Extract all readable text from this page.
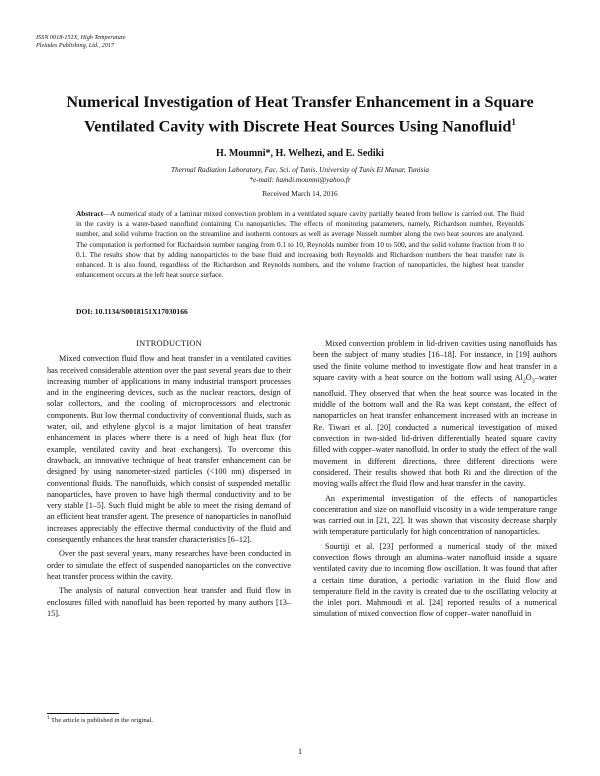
ISSN 0018-151X, High Temperature
Pleiades Publishing, Ltd., 2017
Numerical Investigation of Heat Transfer Enhancement in a Square
Ventilated Cavity with Discrete Heat Sources Using Nanofluid$^1$
H. Moumni*, H. Welhezi, and E. Sediki
Thermal Radiation Laboratory, Fac. Sci. of Tunis, University of Tunis El Manar, Tunisia
*e-mail: hamdi.moumni@yahoo.fr
Received March 14, 2016
Abstract—A numerical study of a laminar mixed convection problem in a ventilated square cavity partially heated from bellow is carried out. The fluid in the cavity is a water-based nanofluid containing Cu nanoparticles. The effects of monitoring parameters, namely, Richardson number, Reynolds number, and solid volume fraction on the streamline and isotherm contours as well as average Nusselt number along the two heat sources are analyzed. The computation is performed for Richardson number ranging from 0.1 to 10, Reynolds number from 10 to 500, and the solid volume fraction from 0 to 0.1. The results show that by adding nanoparticles to the base fluid and increasing both Reynolds and Richardson numbers the heat transfer rate is enhanced. It is also found, regardless of the Richardson and Reynolds numbers, and the volume fraction of nanoparticles, the highest heat transfer enhancement occurs at the left heat source surface.
DOI: 10.1134/S0018151X17030166
INTRODUCTION

Mixed convection fluid flow and heat transfer in a ventilated cavities has received considerable attention over the past several years due to their increasing number of applications in many industrial transport processes and in the engineering devices, such as the nuclear reactors, design of solar collectors, and the cooling of microprocessors and electronic components. But low thermal conductivity of conventional fluids, such as water, oil, and ethylene glycol is a major limitation of heat transfer enhancement in places where there is a need of high heat flux (for example, ventilated cavity and heat exchangers). To overcome this drawback, an innovative technique of heat transfer enhancement can be designed by using nanometer-sized particles (<100 nm) dispersed in conventional fluids. The nanofluids, which consist of suspended metallic nanoparticles, have proven to have high thermal conductivity and to be very stable [1–5]. Such fluid might be able to meet the rising demand of an efficient heat transfer agent. The presence of nanoparticles in nanofluid increases appreciably the effective thermal conductivity of the fluid and consequently enhances the heat transfer characteristics [6–12].

Over the past several years, many researches have been conducted in order to simulate the effect of suspended nanoparticles on the convective heat transfer process within the cavity.

The analysis of natural convection heat transfer and fluid flow in enclosures filled with nanofluid has been reported by many authors [13–15].

Mixed convection problem in lid-driven cavities using nanofluids has been the subject of many studies [16–18]. For instance, in [19] authors used the finite volume method to investigate flow and heat transfer in a square cavity with a heat source on the bottom wall using $Al_2O_3$–water nanofluid. They observed that when the heat source was located in the middle of the bottom wall and the Ra was kept constant, the effect of nanoparticles on heat transfer enhancement increased with an increase in Re. Tiwari et al. [20] conducted a numerical investigation of mixed convection in two-sided lid-driven differentially heated square cavity filled with copper–water nanofluid. In order to study the effect of the wall movement in different directions, three different directions were considered. Their results showed that both Ri and the direction of the moving walls affect the fluid flow and heat transfer in the cavity.

An experimental investigation of the effects of nanoparticles concentration and size on nanofluid viscosity in a wide temperature range was carried out in [21, 22]. It was shown that viscosity decrease sharply with temperature particularly for high concentration of nanoparticles.

Sourtiji et al. [23] performed a numerical study of the mixed convection flows through an alumina–water nanofluid inside a square ventilated cavity due to incoming flow oscillation. It was found that after a certain time duration, a periodic variation in the fluid flow and temperature field in the cavity is created due to the oscillating velocity at the inlet port. Mahmoudi et al. [24] reported results of a numerical simulation of mixed convection flow of copper–water nanofluid in

$^1$ The article is published in the original.
1
